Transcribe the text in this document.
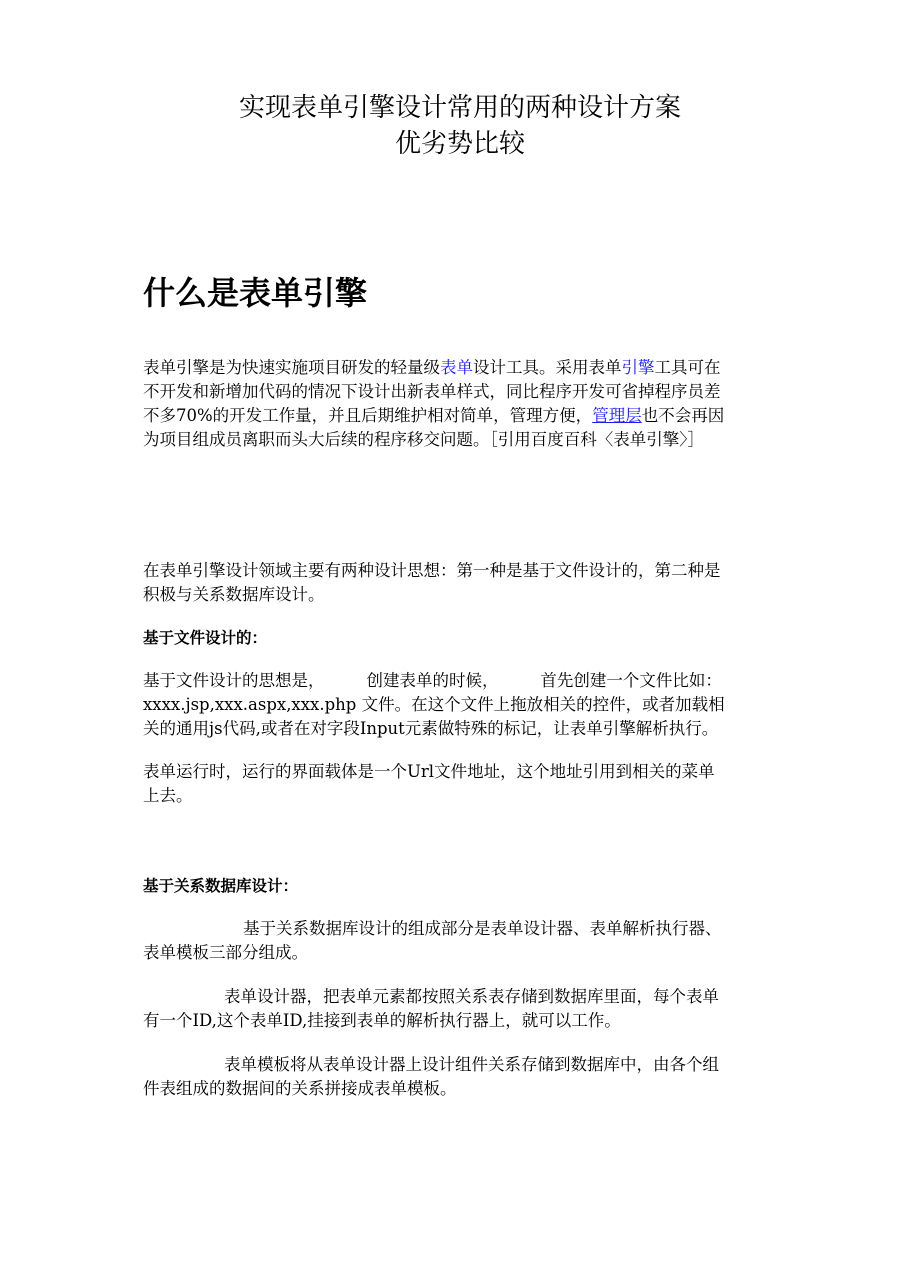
实现表单引擎设计常用的两种设计方案
优劣势比较
什么是表单引擎
表单引擎是为快速实施项目研发的轻量级表单设计工具。采用表单引擎工具可在
不开发和新增加代码的情况下设计出新表单样式，同比程序开发可省掉程序员差
不多70%的开发工作量，并且后期维护相对简单，管理方便，管理层也不会再因
为项目组成员离职而头大后续的程序移交问题。［引用百度百科〈表单引擎〉］
在表单引擎设计领域主要有两种设计思想：第一种是基于文件设计的，第二种是
积极与关系数据库设计。
基于文件设计的：
基于文件设计的思想是，        创建表单的时候，        首先创建一个文件比如：
xxxx.jsp,xxx.aspx,xxx.php 文件。在这个文件上拖放相关的控件，或者加载相
关的通用js代码,或者在对字段Input元素做特殊的标记，让表单引擎解析执行。
表单运行时，运行的界面载体是一个Url文件地址，这个地址引用到相关的菜单
上去。
基于关系数据库设计：
基于关系数据库设计的组成部分是表单设计器、表单解析执行器、
表单模板三部分组成。
表单设计器，把表单元素都按照关系表存储到数据库里面，每个表单
有一个ID,这个表单ID,挂接到表单的解析执行器上，就可以工作。
表单模板将从表单设计器上设计组件关系存储到数据库中，由各个组
件表组成的数据间的关系拼接成表单模板。
